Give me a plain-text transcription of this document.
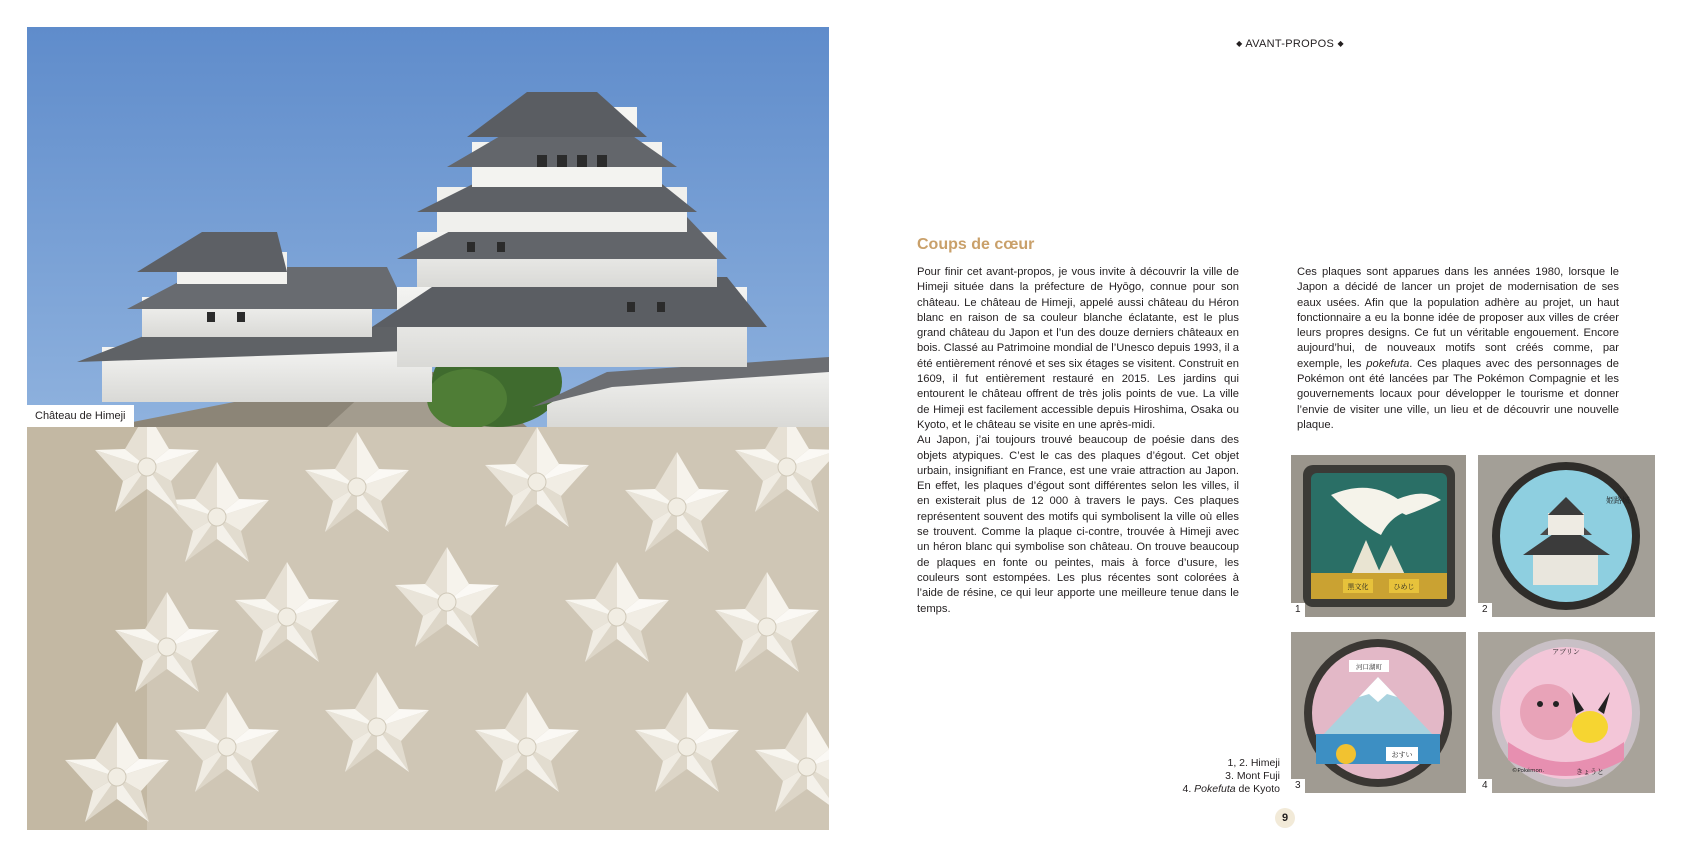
Château de Himeji
◆ AVANT-PROPOS ◆
Coups de cœur

Pour finir cet avant-propos, je vous invite à découvrir la ville de Himeji située dans la préfecture de Hyōgo, connue pour son château. Le château de Himeji, appelé aussi château du Héron blanc en raison de sa couleur blanche éclatante, est le plus grand château du Japon et l’un des douze derniers châteaux en bois. Classé au Patrimoine mondial de l’Unesco depuis 1993, il a été entièrement rénové et ses six étages se visitent. Construit en 1609, il fut entièrement restauré en 2015. Les jardins qui entourent le château offrent de très jolis points de vue. La ville de Himeji est facilement accessible depuis Hiroshima, Osaka ou Kyoto, et le château se visite en une après-midi.

Au Japon, j’ai toujours trouvé beaucoup de poésie dans des objets atypiques. C’est le cas des plaques d’égout. Cet objet urbain, insignifiant en France, est une vraie attraction au Japon. En effet, les plaques d’égout sont différentes selon les villes, il en existerait plus de 12 000 à travers le pays. Ces plaques représentent souvent des motifs qui symbolisent la ville où elles se trouvent. Comme la plaque ci-contre, trouvée à Himeji avec un héron blanc qui symbolise son château. On trouve beaucoup de plaques en fonte ou peintes, mais à force d’usure, les couleurs sont estompées. Les plus récentes sont colorées à l’aide de résine, ce qui leur apporte une meilleure tenue dans le temps.

Ces plaques sont apparues dans les années 1980, lorsque le Japon a décidé de lancer un projet de modernisation de ses eaux usées. Afin que la population adhère au projet, un haut fonctionnaire a eu la bonne idée de proposer aux villes de créer leurs propres designs. Ce fut un véritable engouement. Encore aujourd’hui, de nouveaux motifs sont créés comme, par exemple, les pokefuta. Ces plaques avec des personnages de Pokémon ont été lancées par The Pokémon Compagnie et les gouvernements locaux pour développer le tourisme et donner l’envie de visiter une ville, un lieu et de découvrir une nouvelle plaque.

黒文化	ひめじ
1
姫路城
2
おすい
河口湖町
3
アブリン
きょうと
©Pokémon.
4
1, 2. Himeji
3. Mont Fuji
4. Pokefuta de Kyoto
9
